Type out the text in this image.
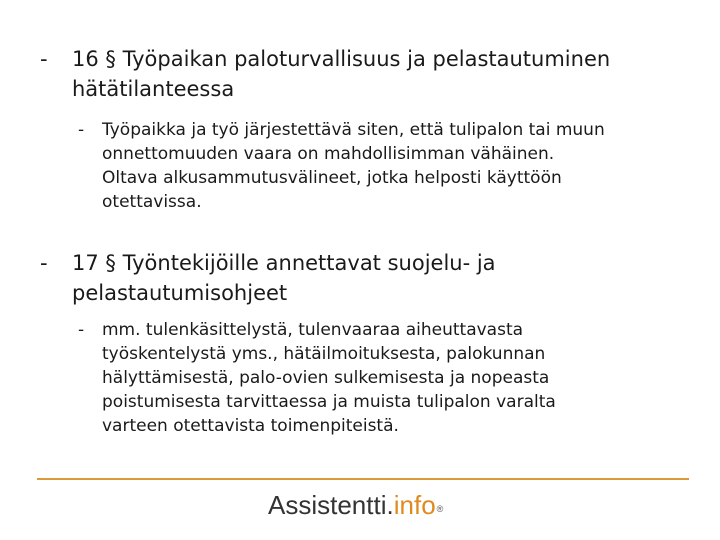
-	16 § Työpaikan paloturvallisuus ja pelastautuminen
hätätilanteessa
-	Työpaikka ja työ järjestettävä siten, että tulipalon tai muun
onnettomuuden vaara on mahdollisimman vähäinen.
Oltava alkusammutusvälineet, jotka helposti käyttöön
otettavissa.
-	17 § Työntekijöille annettavat suojelu- ja
pelastautumisohjeet
-	mm. tulenkäsittelystä, tulenvaaraa aiheuttavasta
työskentelystä yms., hätäilmoituksesta, palokunnan
hälyttämisestä, palo-ovien sulkemisesta ja nopeasta
poistumisesta tarvittaessa ja muista tulipalon varalta
varteen otettavista toimenpiteistä.
Assistentti.info®
